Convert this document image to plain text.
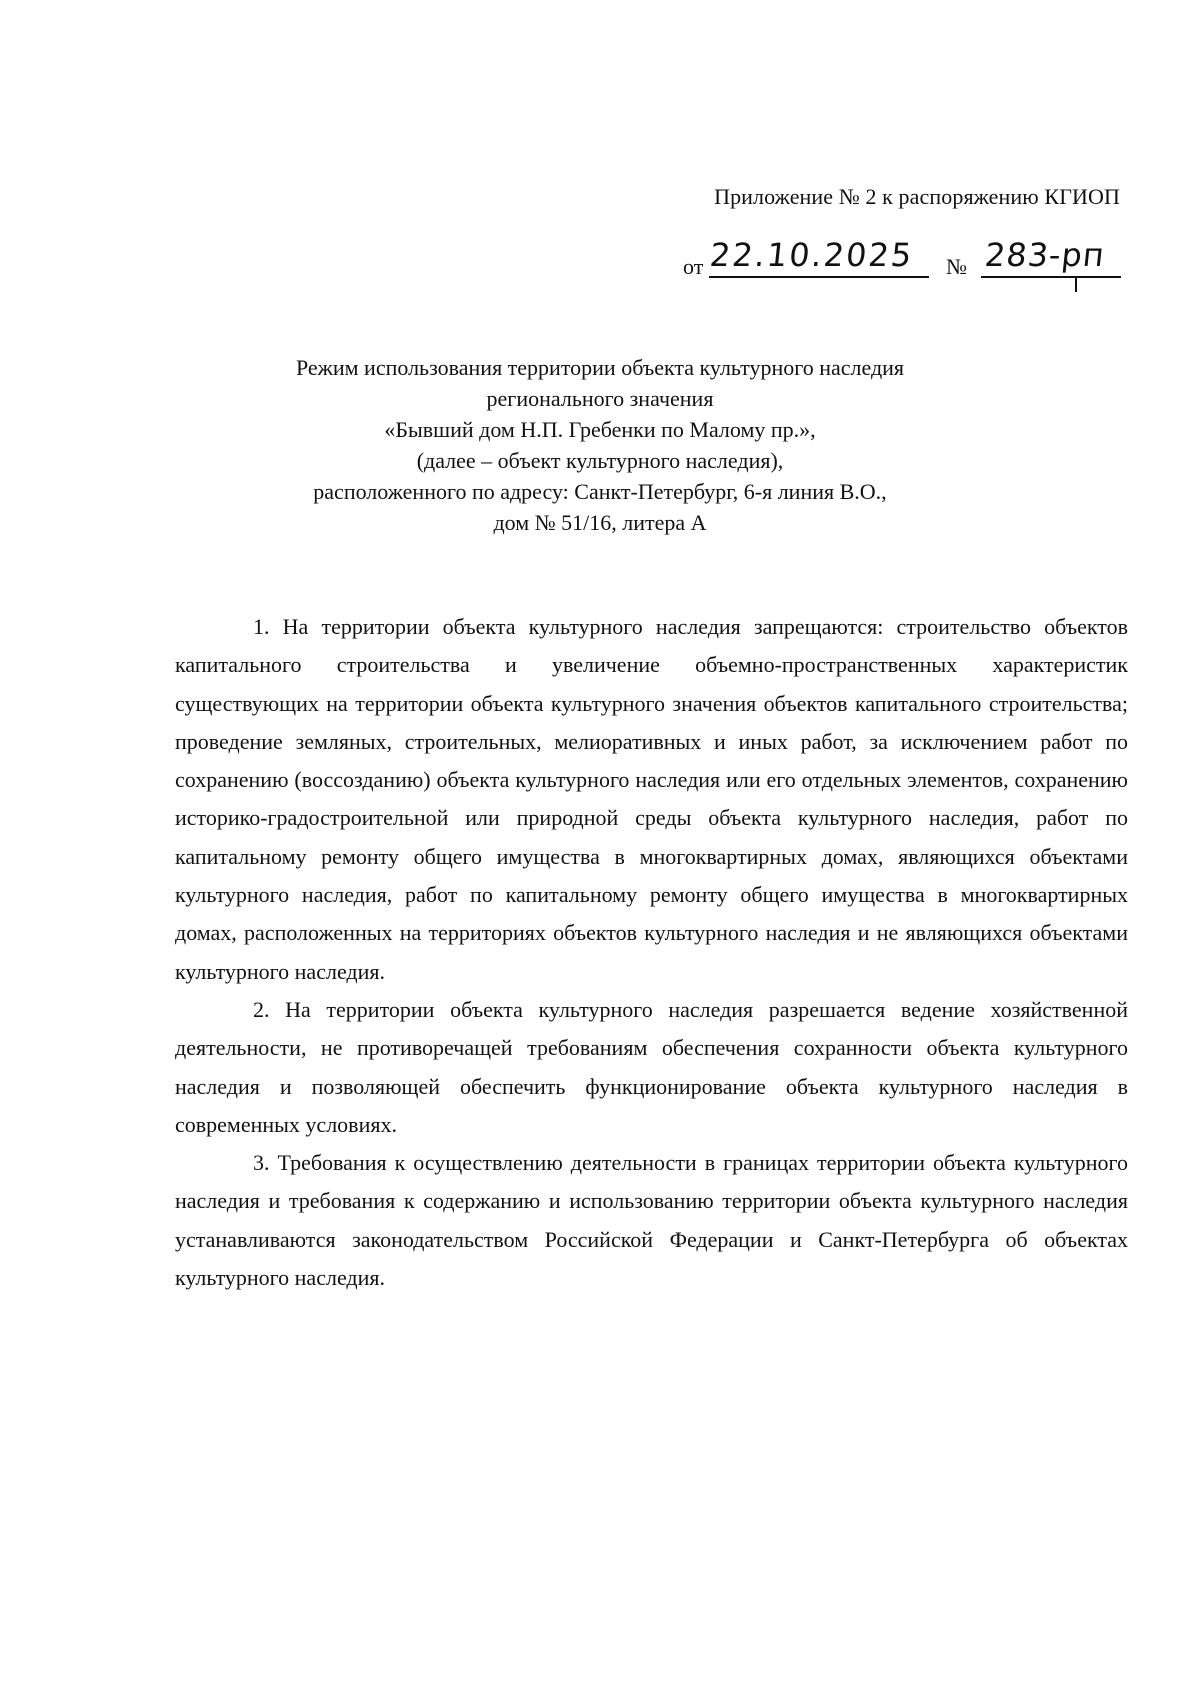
Приложение № 2 к распоряжению КГИОП
от 22.10.2025 № 283-рп
Режим использования территории объекта культурного наследия
регионального значения
«Бывший дом Н.П. Гребенки по Малому пр.»,
(далее – объект культурного наследия),
расположенного по адресу: Санкт-Петербург, 6-я линия В.О.,
дом № 51/16, литера А

1. На территории объекта культурного наследия запрещаются: строительство объектов капитального строительства и увеличение объемно-пространственных характеристик существующих на территории объекта культурного значения объектов капитального строительства; проведение земляных, строительных, мелиоративных и иных работ, за исключением работ по сохранению (воссозданию) объекта культурного наследия или его отдельных элементов, сохранению историко-градостроительной или природной среды объекта культурного наследия, работ по капитальному ремонту общего имущества в многоквартирных домах, являющихся объектами культурного наследия, работ по капитальному ремонту общего имущества в многоквартирных домах, расположенных на территориях объектов культурного наследия и не являющихся объектами культурного наследия.

2. На территории объекта культурного наследия разрешается ведение хозяйственной деятельности, не противоречащей требованиям обеспечения сохранности объекта культурного наследия и позволяющей обеспечить функционирование объекта культурного наследия в современных условиях.

3. Требования к осуществлению деятельности в границах территории объекта культурного наследия и требования к содержанию и использованию территории объекта культурного наследия устанавливаются законодательством Российской Федерации и Санкт-Петербурга об объектах культурного наследия.
